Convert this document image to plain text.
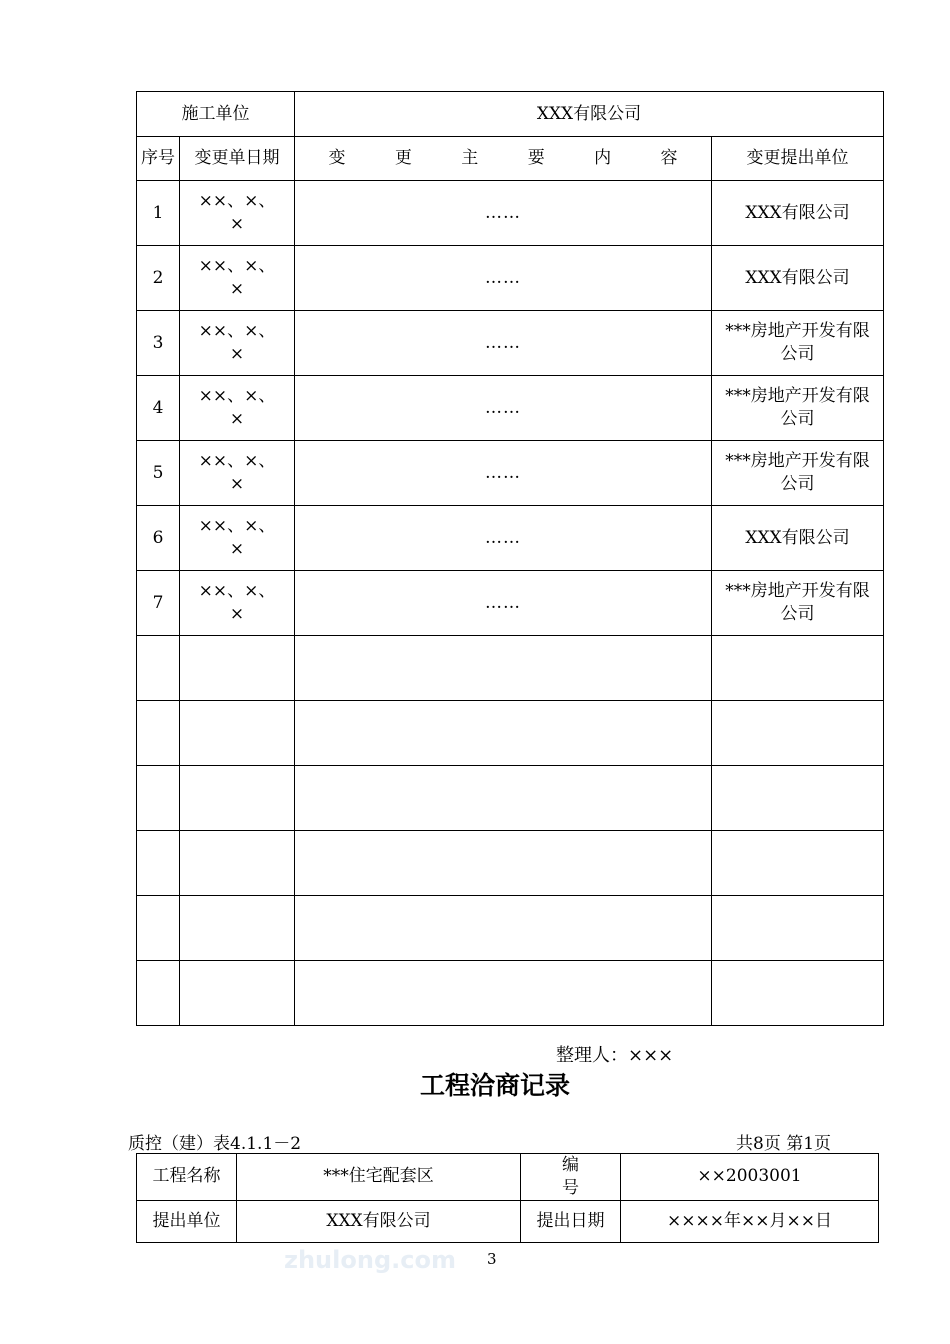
施工单位		XXX有限公司	
序号	变更单日期	变 更 主 要 内 容	变更提出单位
1	××、×、×	……	XXX有限公司
2	××、×、×	……	XXX有限公司
3	××、×、×	……	***房地产开发有限公司
4	××、×、×	……	***房地产开发有限公司
5	××、×、×	……	***房地产开发有限公司
6	××、×、×	……	XXX有限公司
7	××、×、×	……	***房地产开发有限公司

整理人：×××
工程洽商记录
质控（建）表4.1.1－2	共8页 第1页
工程名称	***住宅配套区	编 号	××2003001
提出单位	XXX有限公司	提出日期	××××年××月××日
zhulong.com 3
